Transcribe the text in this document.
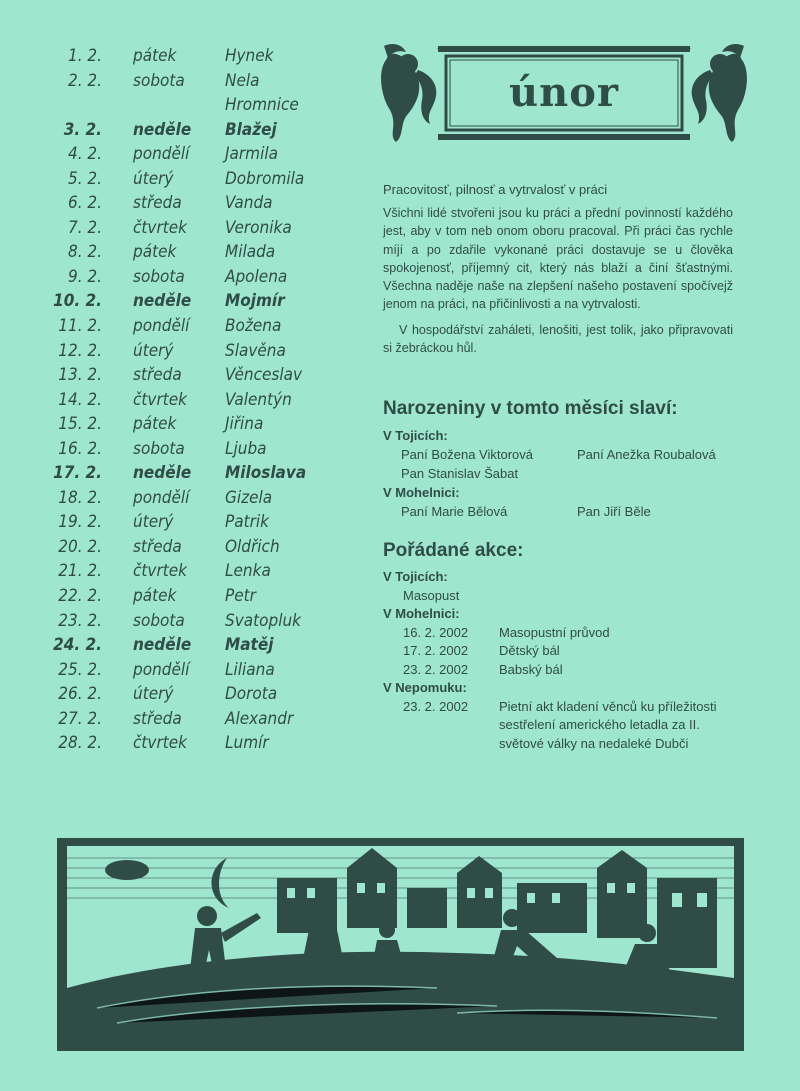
1. 2. pátek	Hynek
2. 2. sobota Nela
Hromnice
3. 2. neděle Blažej
4. 2. pondělí Jarmila
5. 2. úterý	Dobromila
6. 2. středa	Vanda
7. 2. čtvrtek Veronika
8. 2. pátek	Milada
9. 2. sobota Apolena
10. 2. neděle Mojmír
11. 2. pondělí Božena
12. 2. úterý	Slavěna
13. 2. středa	Věnceslav
14. 2. čtvrtek Valentýn
15. 2. pátek	Jiřina
16. 2. sobota Ljuba
17. 2. neděle Miloslava
18. 2. pondělí Gizela
19. 2. úterý	Patrik
20. 2. středa	Oldřich
21. 2. čtvrtek Lenka
22. 2. pátek	Petr
23. 2. sobota Svatopluk
24. 2. neděle Matěj
25. 2. pondělí Liliana
26. 2. úterý	Dorota
27. 2. středa	Alexandr
28. 2. čtvrtek Lumír
únor

Pracovitosť, pilnosť a vytrvalosť v práci

Všichni lidé stvořeni jsou ku práci a přední povinností každého jest, aby v tom neb onom oboru pracoval. Při práci čas rychle míjí a po zdařile vykonané práci dostavuje se u člověka spokojenosť, příjemný cit, který nás blaží a činí šťastnými. Všechna naděje naše na zlepšení našeho postavení spočívejž jenom na práci, na přičinlivosti a na vytrvalosti.

V hospodářství zaháleti, lenošiti, jest tolik, jako připravovati si žebráckou hůl.

Narozeniny v tomto měsíci slaví:
V Tojicích:
Paní Božena Viktorová	Paní Anežka Roubalová
Pan Stanislav Šabat
V Mohelnici:
Paní Marie Bělová	Pan Jiří Běle
Pořádané akce:
V Tojicích:
Masopust
V Mohelnici:
16. 2. 2002 Masopustní průvod
17. 2. 2002 Dětský bál
23. 2. 2002 Babský bál
V Nepomuku:
23. 2. 2002 Pietní akt kladení věnců ku příležitosti sestřelení amerického letadla za II. světové války na nedaleké Dubči
